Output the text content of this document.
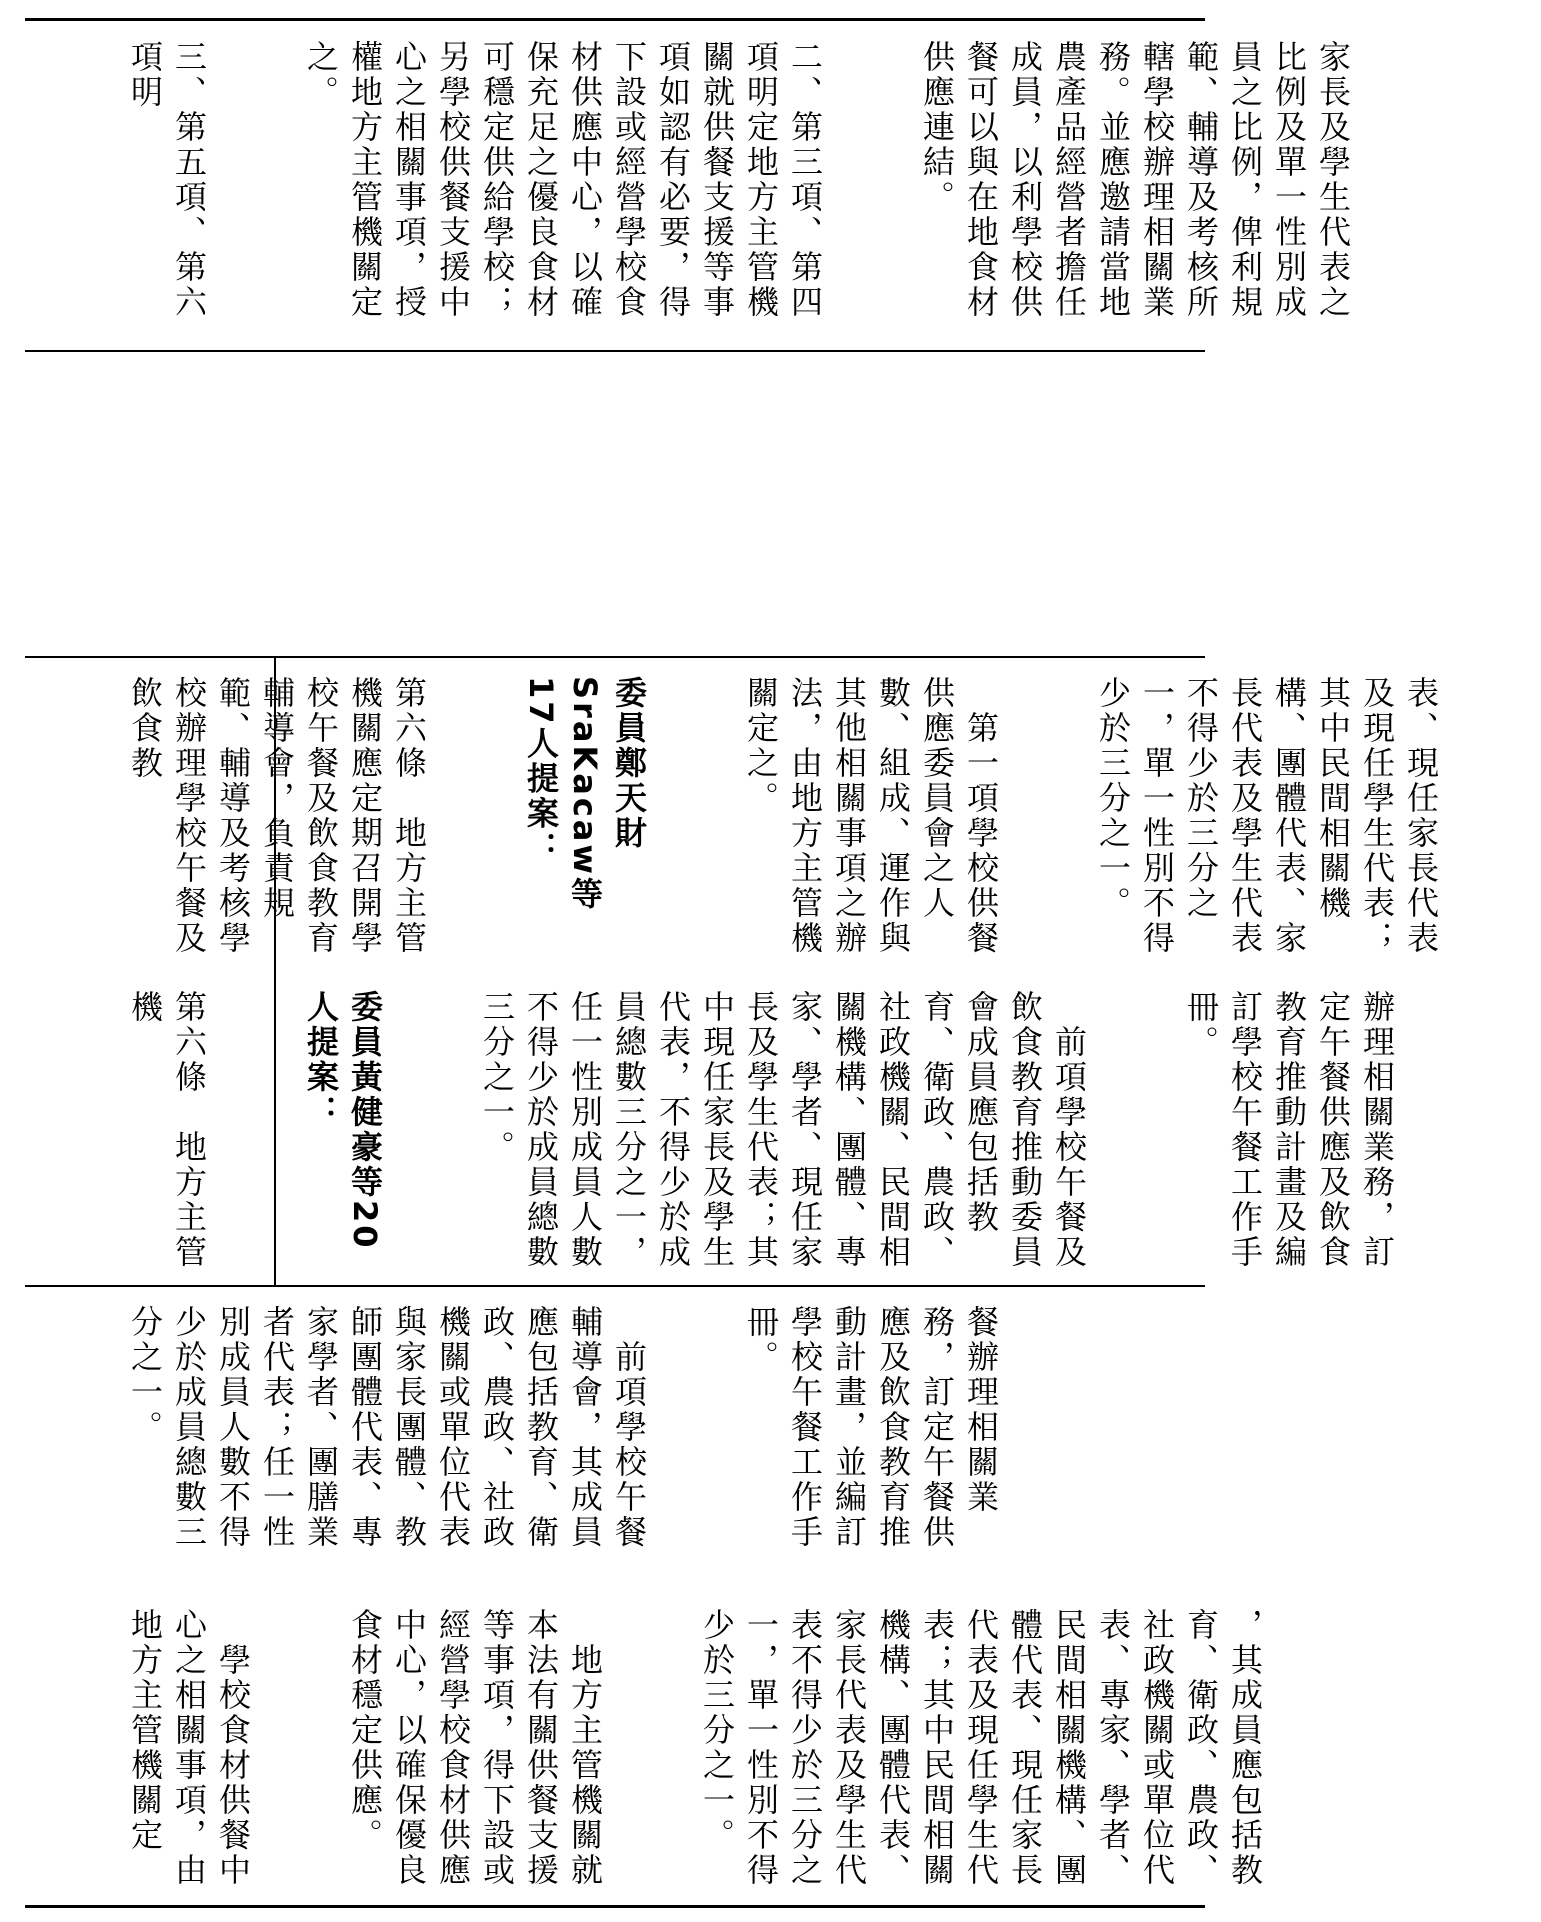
家長及學生代表之比例及單一性別成員之比例，俾利規範、輔導及考核所轄學校辦理相關業務。並應邀請當地農產品經營者擔任成員，以利學校供餐可以與在地食材供應連結。

二、第三項、第四項明定地方主管機關就供餐支援等事項如認有必要，得下設或經營學校食材供應中心，以確保充足之優良食材可穩定供給學校；另學校供餐支援中心之相關事項，授權地方主管機關定之。

三、第五項、第六項明

表、現任家長代表及現任學生代表；其中民間相關機構、團體代表、家長代表及學生代表不得少於三分之一，單一性別不得少於三分之一。

　第一項學校供餐供應委員會之人數、組成、運作與其他相關事項之辦法，由地方主管機關定之。

委員鄭天財SraKacaw等17人提案：

第六條　地方主管機關應定期召開學校午餐及飲食教育輔導會，負責規範、輔導及考核學校辦理學校午餐及飲食教

辦理相關業務，訂定午餐供應及飲食教育推動計畫及編訂學校午餐工作手冊。

　前項學校午餐及飲食教育推動委員會成員應包括教育、衛政、農政、社政機關、民間相關機構、團體、專家、學者、現任家長及學生代表；其中現任家長及學生代表，不得少於成員總數三分之一，任一性別成員人數不得少於成員總數三分之一。

委員黃健豪等20人提案：

第六條　地方主管機

餐辦理相關業務，訂定午餐供應及飲食教育推動計畫，並編訂學校午餐工作手冊。

　前項學校午餐輔導會，其成員應包括教育、衛政、農政、社政機關或單位代表與家長團體、教師團體代表、專家學者、團膳業者代表；任一性別成員人數不得少於成員總數三分之一。

，其成員應包括教育、衛政、農政、社政機關或單位代表、專家、學者、民間相關機構、團體代表、現任家長代表及現任學生代表；其中民間相關機構、團體代表、家長代表及學生代表不得少於三分之一，單一性別不得少於三分之一。

　地方主管機關就本法有關供餐支援等事項，得下設或經營學校食材供應中心，以確保優良食材穩定供應。

　學校食材供餐中心之相關事項，由地方主管機關定
